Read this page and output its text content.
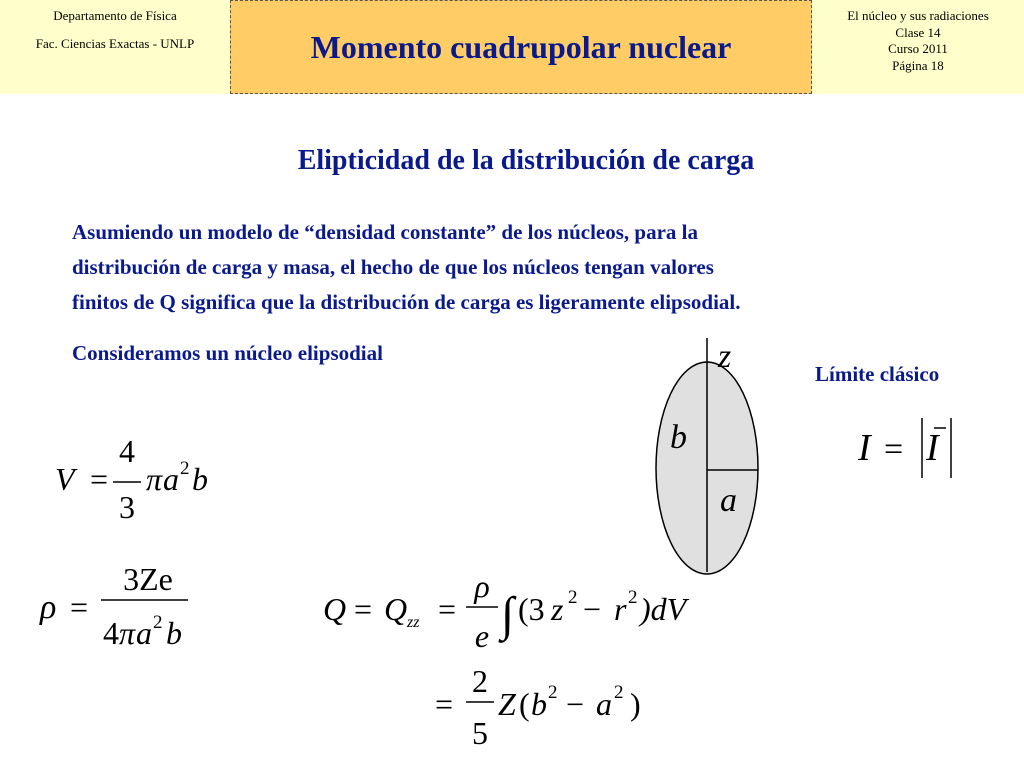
Departamento de Física
Fac. Ciencias Exactas - UNLP	Momento cuadrupolar nuclear
El núcleo y sus radiaciones
Clase 14
Curso 2011
Página 18
Elipticidad de la distribución de carga
Asumiendo un modelo de “densidad constante” de los núcleos, para la
distribución de carga y masa, el hecho de que los núcleos tengan valores
finitos de Q significa que la distribución de carga es ligeramente elipsodial.
Consideramos un núcleo elipsodial
Límite clásico
z
b
a
V =
4
3
π a 2 b
ρ =
3Ze
4 π a 2 b
I = I
Q = Q zz =
ρ
e ∫ (3 z 2 − r 2 )dV
=
2
5
Z ( b 2 − a 2 )
